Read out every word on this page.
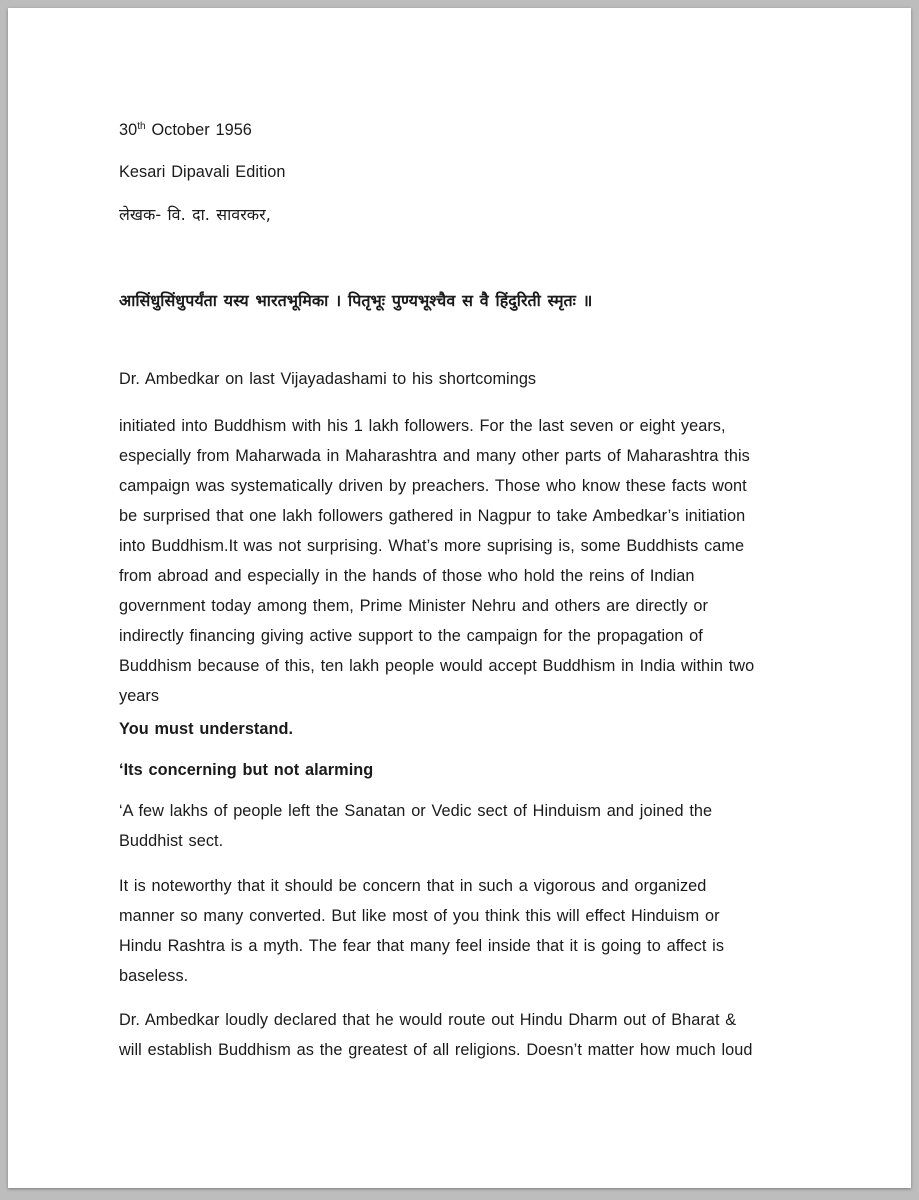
30th October 1956
Kesari Dipavali Edition
लेखक- वि. दा. सावरकर,
आसिंधुसिंधुपर्यंता यस्य भारतभूमिका । पितृभूः पुण्यभूश्चैव स वै हिंदुरिती स्मृतः ॥
Dr. Ambedkar on last Vijayadashami to his shortcomings
initiated into Buddhism with his 1 lakh followers. For the last seven or eight years,
especially from Maharwada in Maharashtra and many other parts of Maharashtra this
campaign was systematically driven by preachers. Those who know these facts wont
be surprised that one lakh followers gathered in Nagpur to take Ambedkar’s initiation
into Buddhism.It was not surprising. What’s more suprising is, some Buddhists came
from abroad and especially in the hands of those who hold the reins of Indian
government today among them, Prime Minister Nehru and others are directly or
indirectly financing giving active support to the campaign for the propagation of
Buddhism because of this, ten lakh people would accept Buddhism in India within two
years
You must understand.
‘Its concerning but not alarming
‘A few lakhs of people left the Sanatan or Vedic sect of Hinduism and joined the
Buddhist sect.
It is noteworthy that it should be concern that in such a vigorous and organized
manner so many converted. But like most of you think this will effect Hinduism or
Hindu Rashtra is a myth. The fear that many feel inside that it is going to affect is
baseless.
Dr. Ambedkar loudly declared that he would route out Hindu Dharm out of Bharat &
will establish Buddhism as the greatest of all religions. Doesn’t matter how much loud
